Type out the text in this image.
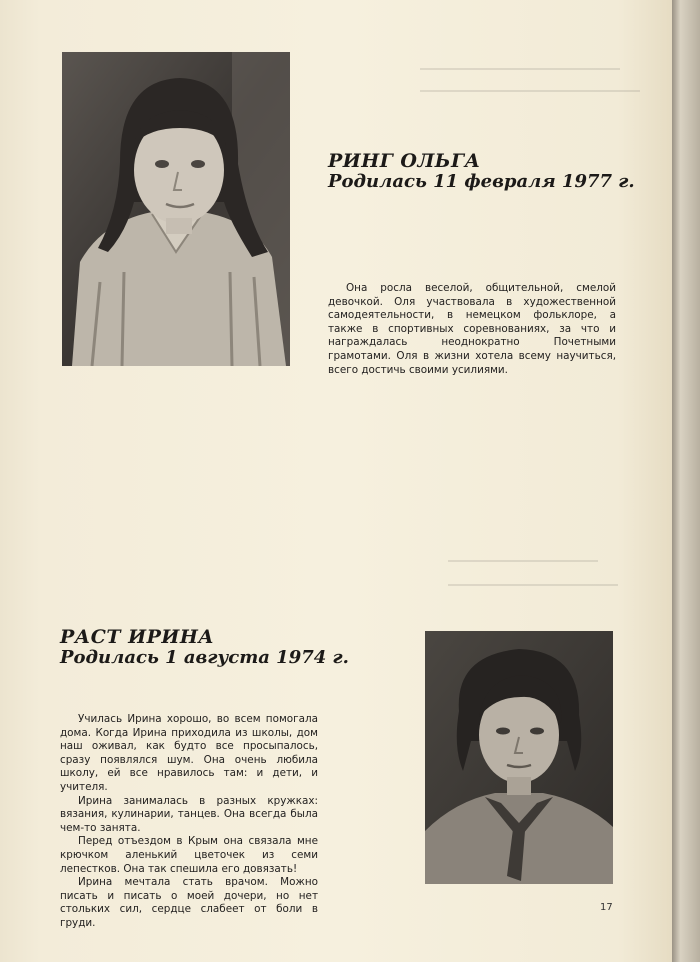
РИНГ ОЛЬГА
Родилась 11 февраля 1977 г.

Она росла веселой, общительной, смелой девочкой. Оля участвовала в художественной самодеятельности, в немецком фольклоре, а также в спортивных соревнованиях, за что и награждалась неоднократно Почетными грамотами. Оля в жизни хотела всему научиться, всего достичь своими усилиями.

РАСТ ИРИНА
Родилась 1 августа 1974 г.

Училась Ирина хорошо, во всем помогала дома. Когда Ирина приходила из школы, дом наш оживал, как будто все просыпалось, сразу появлялся шум. Она очень любила школу, ей все нравилось там: и дети, и учителя.

Ирина занималась в разных кружках: вязания, кулинарии, танцев. Она всегда была чем-то занята.

Перед отъездом в Крым она связала мне крючком аленький цветочек из семи лепестков. Она так спешила его довязать!

Ирина мечтала стать врачом. Можно писать и писать о моей дочери, но нет стольких сил, сердце слабеет от боли в груди.

17
